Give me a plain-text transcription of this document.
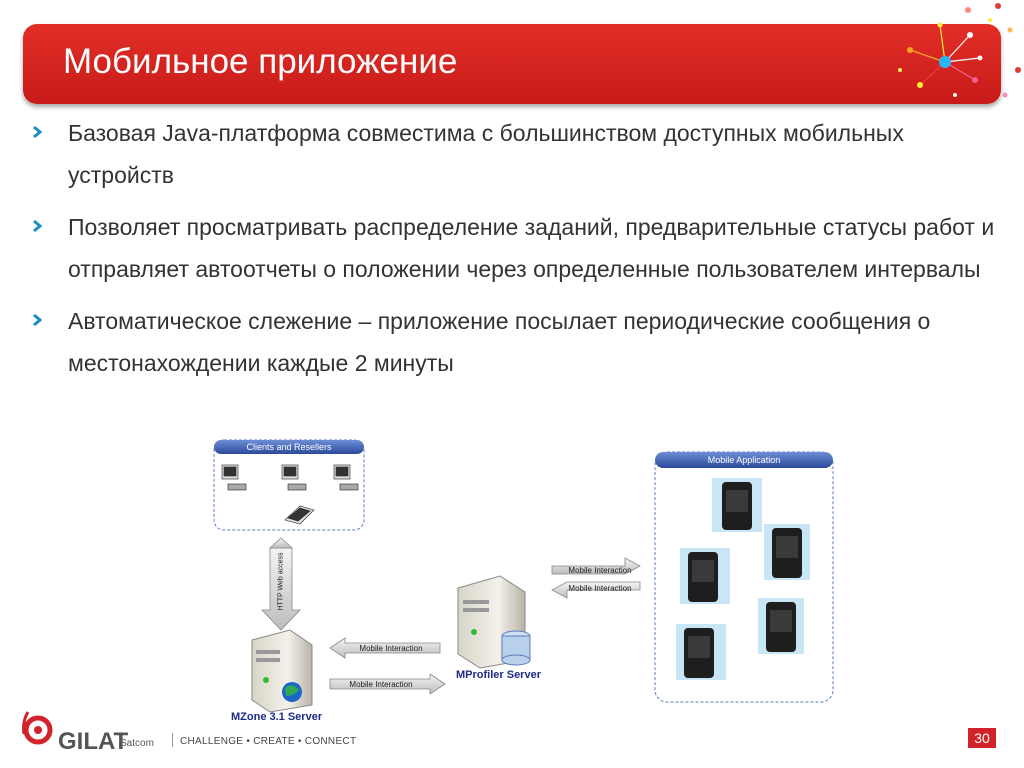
Мобильное приложение
Базовая Java-платформа совместима с большинством доступных мобильных устройств
Позволяет просматривать распределение заданий, предварительные статусы работ и отправляет автоотчеты о положении через определенные пользователем интервалы
Автоматическое слежение – приложение посылает периодические сообщения о местонахождении каждые 2 минуты
Clients and Resellers
Mobile Application
HTTP Web access
Mobile Interaction
Mobile Interaction
Mobile Interaction
Mobile Interaction
MProfiler Server
MZone 3.1 Server
GILAT
Satcom	CHALLENGE • CREATE • CONNECT	30
